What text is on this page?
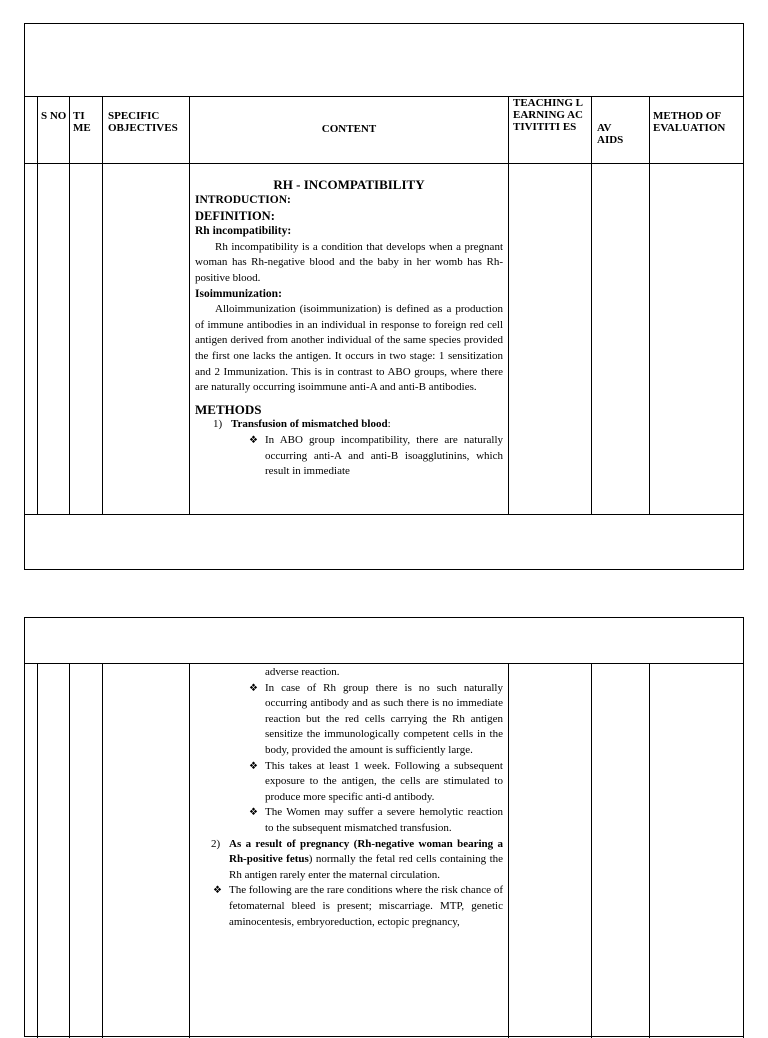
S NO TI ME
SPECIFIC OBJECTIVES	CONTENT
TEACHING LEARNING ACTIVITITI ES	AV AIDS
METHOD OF EVALUATION

RH - INCOMPATIBILITY

INTRODUCTION:

DEFINITION:

Rh incompatibility:

Rh incompatibility is a condition that develops when a pregnant woman has Rh-negative blood and the baby in her womb has Rh-positive blood.

Isoimmunization:

Alloimmunization (isoimmunization) is defined as a production of immune antibodies in an individual in response to foreign red cell antigen derived from another individual of the same species provided the first one lacks the antigen. It occurs in two stage: 1 sensitization and 2 Immunization. This is in contrast to ABO groups, where there are naturally occurring isoimmune anti-A and anti-B antibodies.

METHODS

1) Transfusion of mismatched blood:
❖ In ABO group incompatibility, there are naturally occurring anti-A and anti-B isoagglutinins, which result in immediate

adverse reaction.

❖ In case of Rh group there is no such naturally occurring antibody and as such there is no immediate reaction but the red cells carrying the Rh antigen sensitize the immunologically competent cells in the body, provided the amount is sufficiently large.
❖ This takes at least 1 week. Following a subsequent exposure to the antigen, the cells are stimulated to produce more specific anti-d antibody.
❖ The Women may suffer a severe hemolytic reaction to the subsequent mismatched transfusion.
2) As a result of pregnancy (Rh-negative woman bearing a Rh-positive fetus) normally the fetal red cells containing the Rh antigen rarely enter the maternal circulation.
❖ The following are the rare conditions where the risk chance of fetomaternal bleed is present; miscarriage. MTP, genetic aminocentesis, embryoreduction, ectopic pregnancy,
